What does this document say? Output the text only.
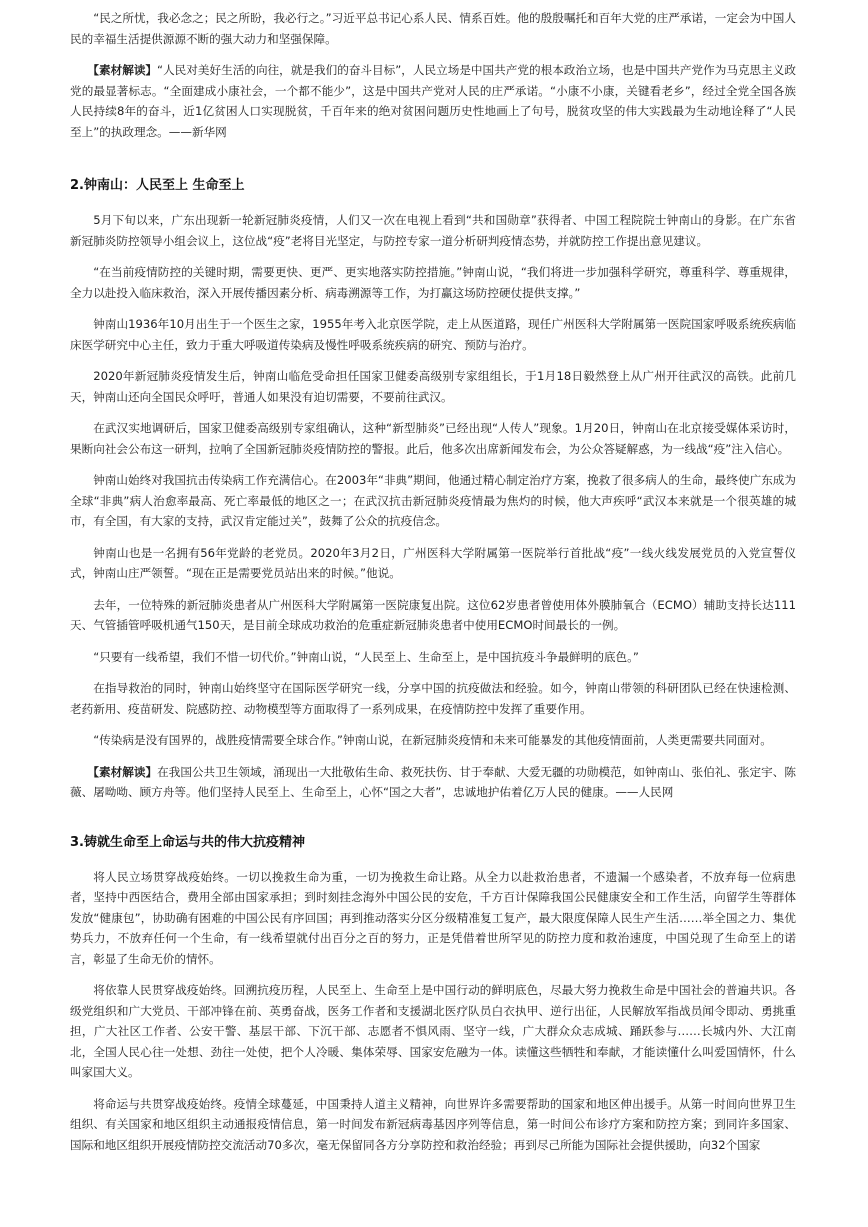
“民之所忧，我必念之；民之所盼，我必行之。”习近平总书记心系人民、情系百姓。他的殷殷嘱托和百年大党的庄严承诺，一定会为中国人民的幸福生活提供源源不断的强大动力和坚强保障。

【素材解读】“人民对美好生活的向往，就是我们的奋斗目标”，人民立场是中国共产党的根本政治立场，也是中国共产党作为马克思主义政党的最显著标志。“全面建成小康社会，一个都不能少”，这是中国共产党对人民的庄严承诺。“小康不小康，关键看老乡”，经过全党全国各族人民持续8年的奋斗，近1亿贫困人口实现脱贫，千百年来的绝对贫困问题历史性地画上了句号，脱贫攻坚的伟大实践最为生动地诠释了“人民至上”的执政理念。——新华网

2.钟南山：人民至上 生命至上

5月下旬以来，广东出现新一轮新冠肺炎疫情，人们又一次在电视上看到“共和国勋章”获得者、中国工程院院士钟南山的身影。在广东省新冠肺炎防控领导小组会议上，这位战“疫”老将目光坚定，与防控专家一道分析研判疫情态势，并就防控工作提出意见建议。

“在当前疫情防控的关键时期，需要更快、更严、更实地落实防控措施。”钟南山说，“我们将进一步加强科学研究，尊重科学、尊重规律，全力以赴投入临床救治，深入开展传播因素分析、病毒溯源等工作，为打赢这场防控硬仗提供支撑。”

钟南山1936年10月出生于一个医生之家，1955年考入北京医学院，走上从医道路，现任广州医科大学附属第一医院国家呼吸系统疾病临床医学研究中心主任，致力于重大呼吸道传染病及慢性呼吸系统疾病的研究、预防与治疗。

2020年新冠肺炎疫情发生后，钟南山临危受命担任国家卫健委高级别专家组组长，于1月18日毅然登上从广州开往武汉的高铁。此前几天，钟南山还向全国民众呼吁，普通人如果没有迫切需要，不要前往武汉。

在武汉实地调研后，国家卫健委高级别专家组确认，这种“新型肺炎”已经出现“人传人”现象。1月20日，钟南山在北京接受媒体采访时，果断向社会公布这一研判，拉响了全国新冠肺炎疫情防控的警报。此后，他多次出席新闻发布会，为公众答疑解惑，为一线战“疫”注入信心。

钟南山始终对我国抗击传染病工作充满信心。在2003年“非典”期间，他通过精心制定治疗方案，挽救了很多病人的生命，最终使广东成为全球“非典”病人治愈率最高、死亡率最低的地区之一；在武汉抗击新冠肺炎疫情最为焦灼的时候，他大声疾呼“武汉本来就是一个很英雄的城市，有全国，有大家的支持，武汉肯定能过关”，鼓舞了公众的抗疫信念。

钟南山也是一名拥有56年党龄的老党员。2020年3月2日，广州医科大学附属第一医院举行首批战“疫”一线火线发展党员的入党宣誓仪式，钟南山庄严领誓。“现在正是需要党员站出来的时候。”他说。

去年，一位特殊的新冠肺炎患者从广州医科大学附属第一医院康复出院。这位62岁患者曾使用体外膜肺氧合（ECMO）辅助支持长达111天、气管插管呼吸机通气150天，是目前全球成功救治的危重症新冠肺炎患者中使用ECMO时间最长的一例。

“只要有一线希望，我们不惜一切代价。”钟南山说，“人民至上、生命至上，是中国抗疫斗争最鲜明的底色。”

在指导救治的同时，钟南山始终坚守在国际医学研究一线，分享中国的抗疫做法和经验。如今，钟南山带领的科研团队已经在快速检测、老药新用、疫苗研发、院感防控、动物模型等方面取得了一系列成果，在疫情防控中发挥了重要作用。

“传染病是没有国界的，战胜疫情需要全球合作。”钟南山说，在新冠肺炎疫情和未来可能暴发的其他疫情面前，人类更需要共同面对。

【素材解读】在我国公共卫生领域，涌现出一大批敬佑生命、救死扶伤、甘于奉献、大爱无疆的功勋模范，如钟南山、张伯礼、张定宇、陈薇、屠呦呦、顾方舟等。他们坚持人民至上、生命至上，心怀“国之大者”，忠诚地护佑着亿万人民的健康。——人民网

3.铸就生命至上命运与共的伟大抗疫精神

将人民立场贯穿战疫始终。一切以挽救生命为重，一切为挽救生命让路。从全力以赴救治患者，不遗漏一个感染者，不放弃每一位病患者，坚持中西医结合，费用全部由国家承担；到时刻挂念海外中国公民的安危，千方百计保障我国公民健康安全和工作生活，向留学生等群体发放“健康包”，协助确有困难的中国公民有序回国；再到推动落实分区分级精准复工复产，最大限度保障人民生产生活……举全国之力、集优势兵力，不放弃任何一个生命，有一线希望就付出百分之百的努力，正是凭借着世所罕见的防控力度和救治速度，中国兑现了生命至上的诺言，彰显了生命无价的情怀。

将依靠人民贯穿战疫始终。回溯抗疫历程，人民至上、生命至上是中国行动的鲜明底色，尽最大努力挽救生命是中国社会的普遍共识。各级党组织和广大党员、干部冲锋在前、英勇奋战，医务工作者和支援湖北医疗队员白衣执甲、逆行出征，人民解放军指战员闻令即动、勇挑重担，广大社区工作者、公安干警、基层干部、下沉干部、志愿者不惧风雨、坚守一线，广大群众众志成城、踊跃参与……长城内外、大江南北，全国人民心往一处想、劲往一处使，把个人冷暖、集体荣辱、国家安危融为一体。读懂这些牺牲和奉献，才能读懂什么叫爱国情怀，什么叫家国大义。

将命运与共贯穿战疫始终。疫情全球蔓延，中国秉持人道主义精神，向世界许多需要帮助的国家和地区伸出援手。从第一时间向世界卫生组织、有关国家和地区组织主动通报疫情信息，第一时间发布新冠病毒基因序列等信息，第一时间公布诊疗方案和防控方案；到同许多国家、国际和地区组织开展疫情防控交流活动70多次，毫无保留同各方分享防控和救治经验；再到尽己所能为国际社会提供援助，向32个国家
